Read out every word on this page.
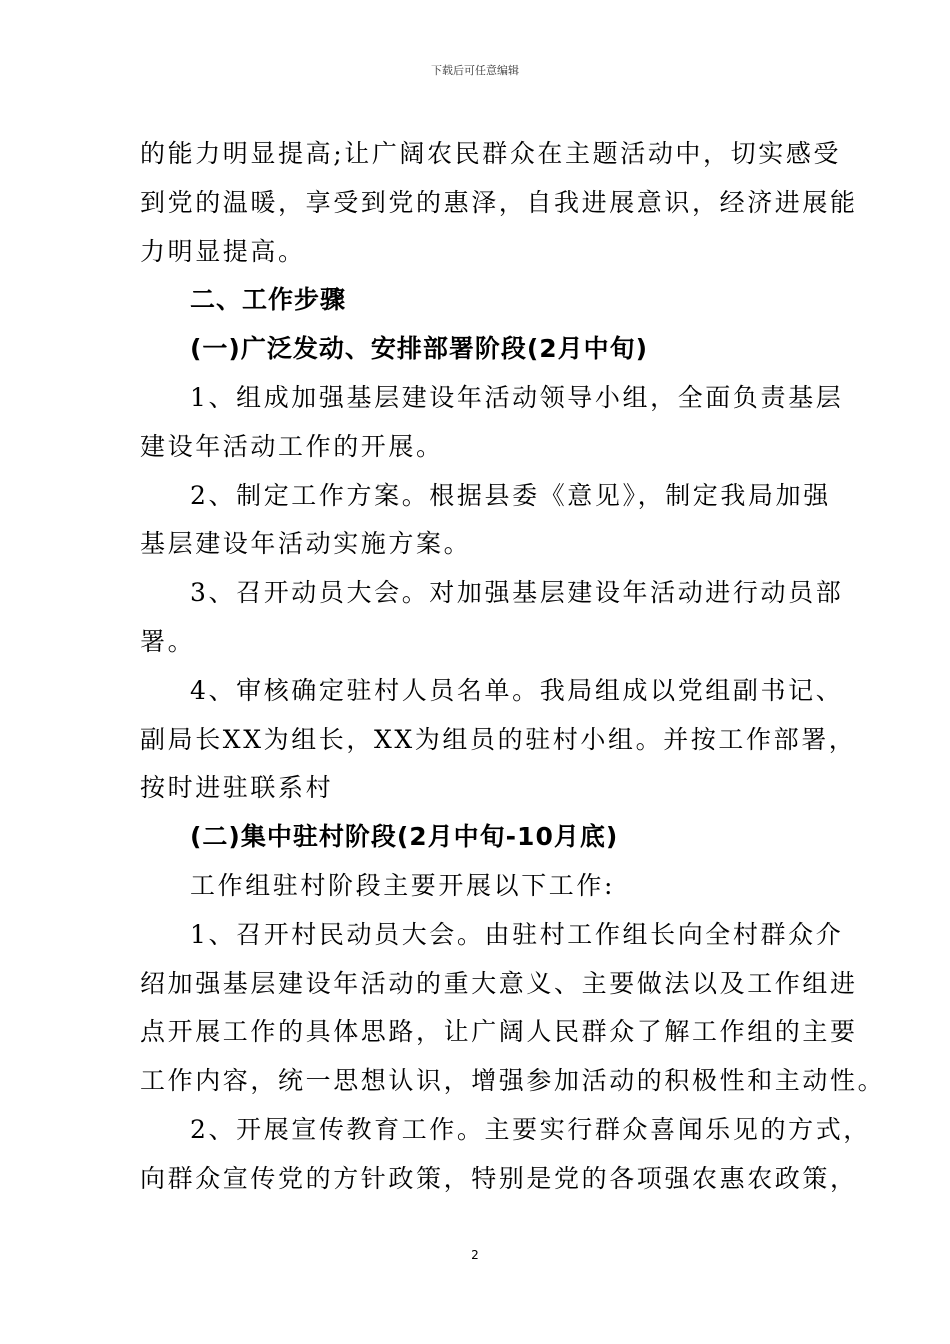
下载后可任意编辑
的能力明显提高;让广阔农民群众在主题活动中，切实感受
到党的温暖，享受到党的惠泽，自我进展意识，经济进展能
力明显提高。
二、工作步骤
(一)广泛发动、安排部署阶段(2月中旬)
1、组成加强基层建设年活动领导小组，全面负责基层
建设年活动工作的开展。
2、制定工作方案。根据县委《意见》，制定我局加强
基层建设年活动实施方案。
3、召开动员大会。对加强基层建设年活动进行动员部
署。
4、审核确定驻村人员名单。我局组成以党组副书记、
副局长XX为组长，XX为组员的驻村小组。并按工作部署，
按时进驻联系村
(二)集中驻村阶段(2月中旬-10月底)
工作组驻村阶段主要开展以下工作:
1、召开村民动员大会。由驻村工作组长向全村群众介
绍加强基层建设年活动的重大意义、主要做法以及工作组进
点开展工作的具体思路，让广阔人民群众了解工作组的主要
工作内容，统一思想认识，增强参加活动的积极性和主动性。
2、开展宣传教育工作。主要实行群众喜闻乐见的方式，
向群众宣传党的方针政策，特别是党的各项强农惠农政策，
2
